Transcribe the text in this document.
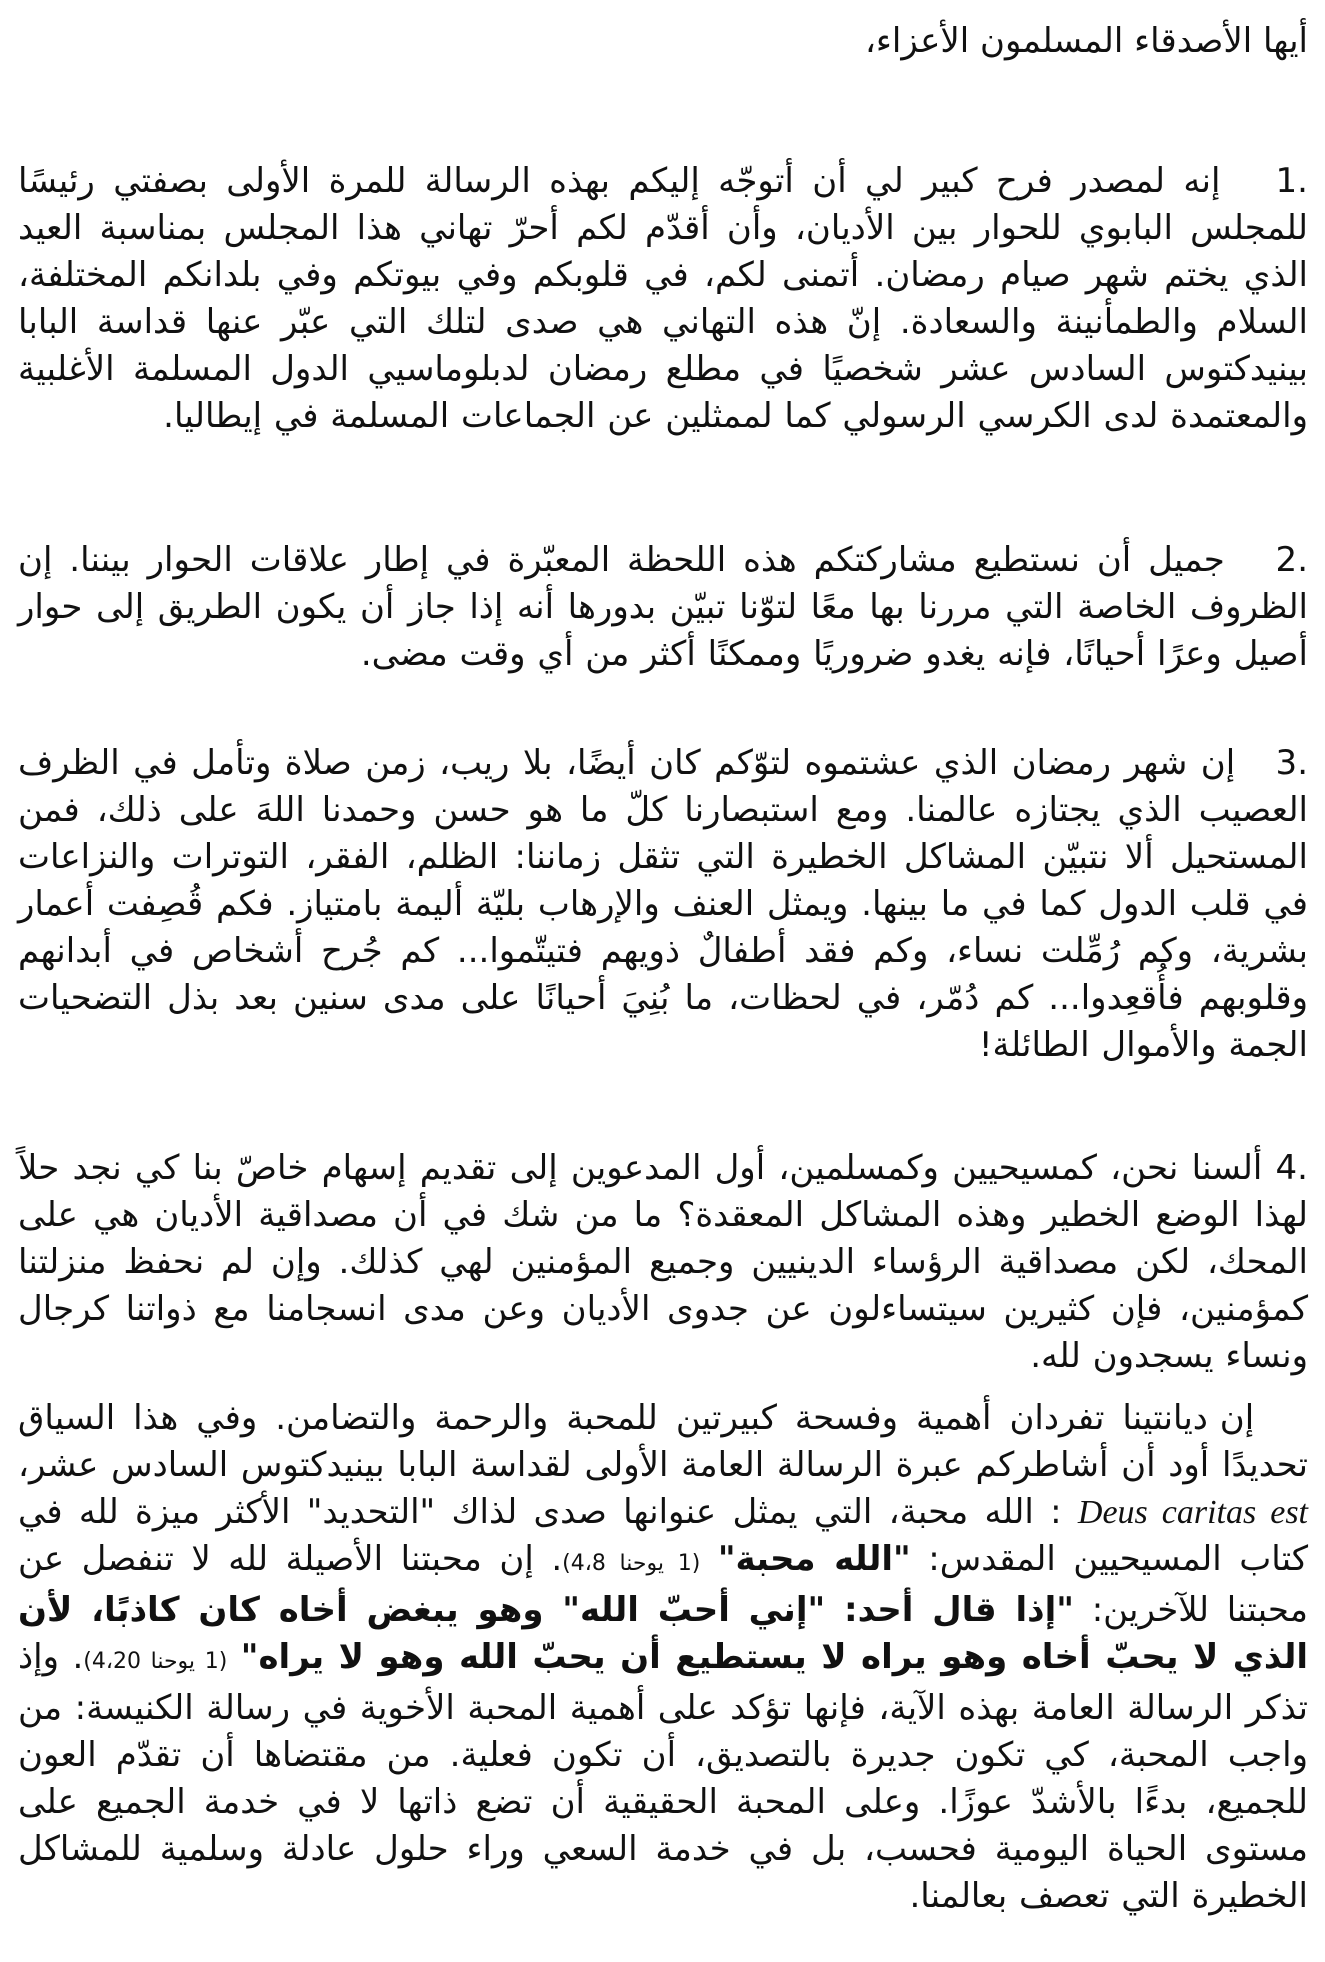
أيها الأصدقاء المسلمون الأعزاء،

.1   إنه لمصدر فرح كبير لي أن أتوجّه إليكم بهذه الرسالة للمرة الأولى بصفتي رئيسًا للمجلس البابوي للحوار بين الأديان، وأن أقدّم لكم أحرّ تهاني هذا المجلس بمناسبة العيد الذي يختم شهر صيام رمضان. أتمنى لكم، في قلوبكم وفي بيوتكم وفي بلدانكم المختلفة، السلام والطمأنينة والسعادة. إنّ هذه التهاني هي صدى لتلك التي عبّر عنها قداسة البابا بينيدكتوس السادس عشر شخصيًا في مطلع رمضان لدبلوماسيي الدول المسلمة الأغلبية والمعتمدة لدى الكرسي الرسولي كما لممثلين عن الجماعات المسلمة في إيطاليا.

.2   جميل أن نستطيع مشاركتكم هذه اللحظة المعبّرة في إطار علاقات الحوار بيننا. إن الظروف الخاصة التي مررنا بها معًا لتوّنا تبيّن بدورها أنه إذا جاز أن يكون الطريق إلى حوار أصيل وعرًا أحيانًا، فإنه يغدو ضروريًا وممكنًا أكثر من أي وقت مضى.

.3   إن شهر رمضان الذي عشتموه لتوّكم كان أيضًا، بلا ريب، زمن صلاة وتأمل في الظرف العصيب الذي يجتازه عالمنا. ومع استبصارنا كلّ ما هو حسن وحمدنا اللهَ على ذلك، فمن المستحيل ألا نتبيّن المشاكل الخطيرة التي تثقل زماننا: الظلم، الفقر، التوترات والنزاعات في قلب الدول كما في ما بينها. ويمثل العنف والإرهاب بليّة أليمة بامتياز. فكم قُصِفت أعمار بشرية، وكم رُمِّلت نساء، وكم فقد أطفالٌ ذويهم فتيتّموا... كم جُرح أشخاص في أبدانهم وقلوبهم فأُقعِدوا... كم دُمّر، في لحظات، ما بُنِيَ أحيانًا على مدى سنين بعد بذل التضحيات الجمة والأموال الطائلة!

.4 ألسنا نحن، كمسيحيين وكمسلمين، أول المدعوين إلى تقديم إسهام خاصّ بنا كي نجد حلاً لهذا الوضع الخطير وهذه المشاكل المعقدة؟ ما من شك في أن مصداقية الأديان هي على المحك، لكن مصداقية الرؤساء الدينيين وجميع المؤمنين لهي كذلك. وإن لم نحفظ منزلتنا كمؤمنين، فإن كثيرين سيتساءلون عن جدوى الأديان وعن مدى انسجامنا مع ذواتنا كرجال ونساء يسجدون لله.

إن ديانتينا تفردان أهمية وفسحة كبيرتين للمحبة والرحمة والتضامن. وفي هذا السياق تحديدًا أود أن أشاطركم عبرة الرسالة العامة الأولى لقداسة البابا بينيدكتوس السادس عشر، Deus caritas est : الله محبة، التي يمثل عنوانها صدى لذاك "التحديد" الأكثر ميزة لله في كتاب المسيحيين المقدس: "الله محبة" (1 يوحنا 4،8). إن محبتنا الأصيلة لله لا تنفصل عن محبتنا للآخرين: "إذا قال أحد: "إني أحبّ الله" وهو يبغض أخاه كان كاذبًا، لأن الذي لا يحبّ أخاه وهو يراه لا يستطيع أن يحبّ الله وهو لا يراه" (1 يوحنا 4،20). وإذ تذكر الرسالة العامة بهذه الآية، فإنها تؤكد على أهمية المحبة الأخوية في رسالة الكنيسة: من واجب المحبة، كي تكون جديرة بالتصديق، أن تكون فعلية. من مقتضاها أن تقدّم العون للجميع، بدءًا بالأشدّ عوزًا. وعلى المحبة الحقيقية أن تضع ذاتها لا في خدمة الجميع على مستوى الحياة اليومية فحسب، بل في خدمة السعي وراء حلول عادلة وسلمية للمشاكل الخطيرة التي تعصف بعالمنا.
